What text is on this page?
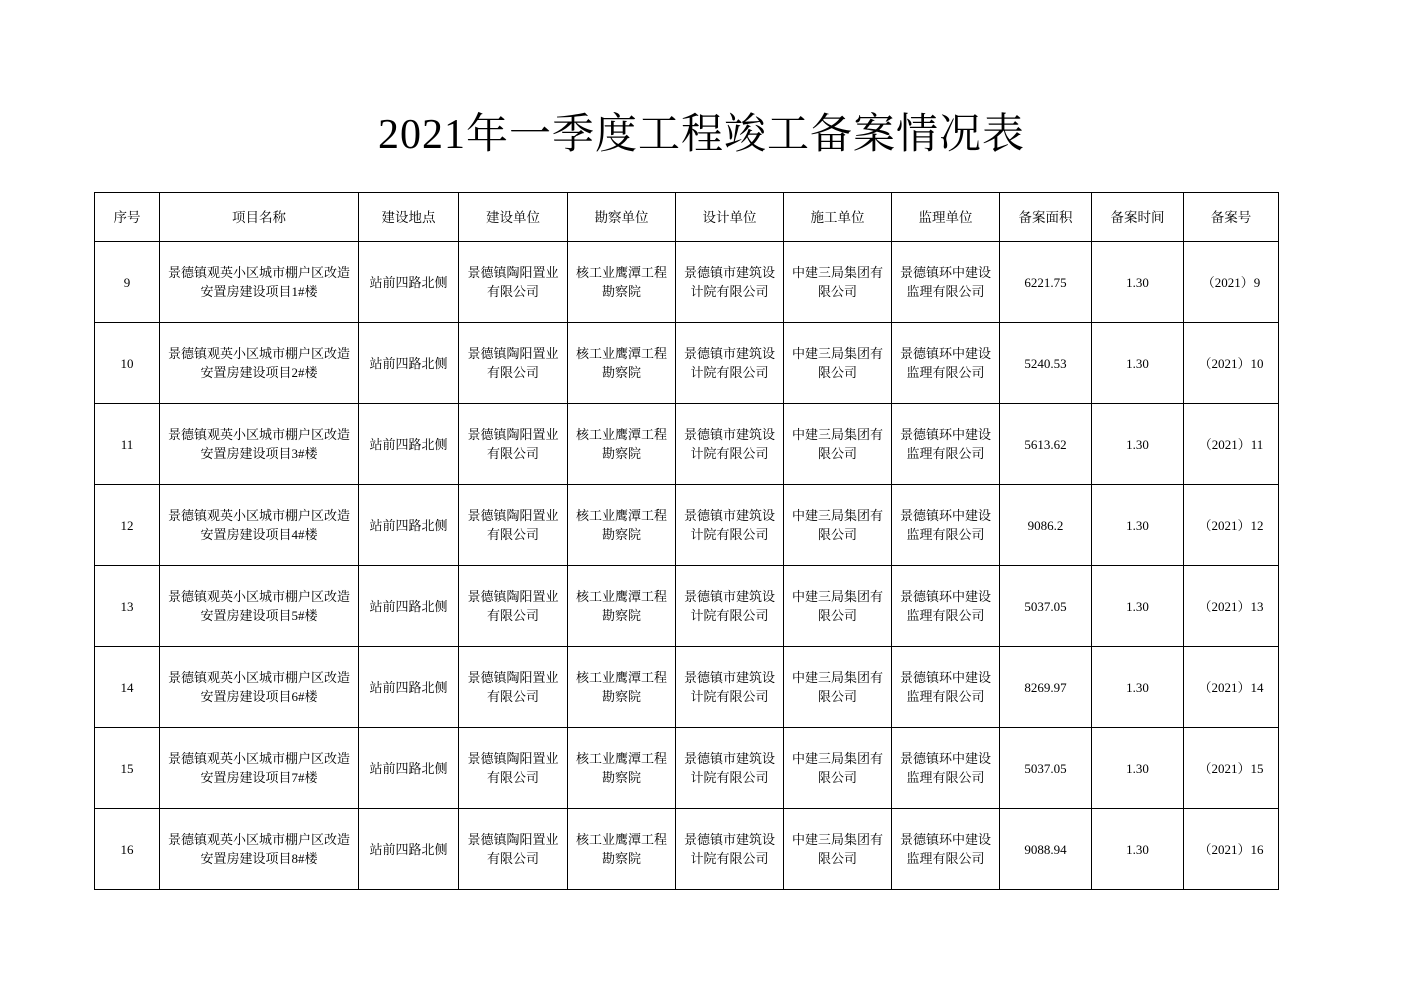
2021年一季度工程竣工备案情况表
序号	项目名称	建设地点	建设单位	勘察单位	设计单位	施工单位	监理单位	备案面积	备案时间	备案号
9	景德镇观英小区城市棚户区改造安置房建设项目1#楼	站前四路北侧	景德镇陶阳置业有限公司	核工业鹰潭工程勘察院	景德镇市建筑设计院有限公司	中建三局集团有限公司	景德镇环中建设监理有限公司	6221.75	1.30	（2021）9
10	景德镇观英小区城市棚户区改造安置房建设项目2#楼	站前四路北侧	景德镇陶阳置业有限公司	核工业鹰潭工程勘察院	景德镇市建筑设计院有限公司	中建三局集团有限公司	景德镇环中建设监理有限公司	5240.53	1.30	（2021）10
11	景德镇观英小区城市棚户区改造安置房建设项目3#楼	站前四路北侧	景德镇陶阳置业有限公司	核工业鹰潭工程勘察院	景德镇市建筑设计院有限公司	中建三局集团有限公司	景德镇环中建设监理有限公司	5613.62	1.30	（2021）11
12	景德镇观英小区城市棚户区改造安置房建设项目4#楼	站前四路北侧	景德镇陶阳置业有限公司	核工业鹰潭工程勘察院	景德镇市建筑设计院有限公司	中建三局集团有限公司	景德镇环中建设监理有限公司	9086.2	1.30	（2021）12
13	景德镇观英小区城市棚户区改造安置房建设项目5#楼	站前四路北侧	景德镇陶阳置业有限公司	核工业鹰潭工程勘察院	景德镇市建筑设计院有限公司	中建三局集团有限公司	景德镇环中建设监理有限公司	5037.05	1.30	（2021）13
14	景德镇观英小区城市棚户区改造安置房建设项目6#楼	站前四路北侧	景德镇陶阳置业有限公司	核工业鹰潭工程勘察院	景德镇市建筑设计院有限公司	中建三局集团有限公司	景德镇环中建设监理有限公司	8269.97	1.30	（2021）14
15	景德镇观英小区城市棚户区改造安置房建设项目7#楼	站前四路北侧	景德镇陶阳置业有限公司	核工业鹰潭工程勘察院	景德镇市建筑设计院有限公司	中建三局集团有限公司	景德镇环中建设监理有限公司	5037.05	1.30	（2021）15
16	景德镇观英小区城市棚户区改造安置房建设项目8#楼	站前四路北侧	景德镇陶阳置业有限公司	核工业鹰潭工程勘察院	景德镇市建筑设计院有限公司	中建三局集团有限公司	景德镇环中建设监理有限公司	9088.94	1.30	（2021）16
